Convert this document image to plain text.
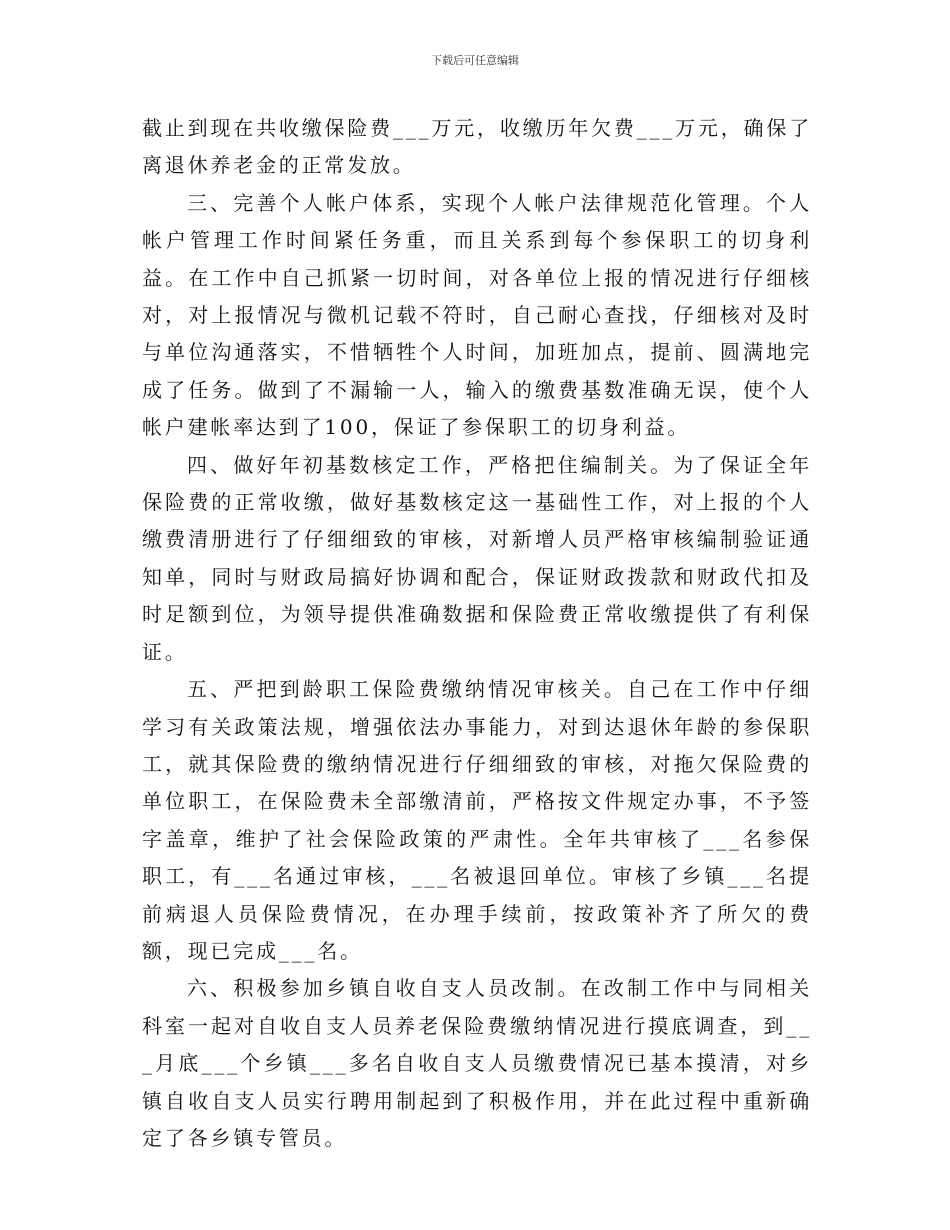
下载后可任意编辑

截止到现在共收缴保险费___万元，收缴历年欠费___万元，确保了离退休养老金的正常发放。

三、完善个人帐户体系，实现个人帐户法律规范化管理。个人帐户管理工作时间紧任务重，而且关系到每个参保职工的切身利益。在工作中自己抓紧一切时间，对各单位上报的情况进行仔细核对，对上报情况与微机记载不符时，自己耐心查找，仔细核对及时与单位沟通落实，不惜牺牲个人时间，加班加点，提前、圆满地完成了任务。做到了不漏输一人，输入的缴费基数准确无误，使个人帐户建帐率达到了100，保证了参保职工的切身利益。

四、做好年初基数核定工作，严格把住编制关。为了保证全年保险费的正常收缴，做好基数核定这一基础性工作，对上报的个人缴费清册进行了仔细细致的审核，对新增人员严格审核编制验证通知单，同时与财政局搞好协调和配合，保证财政拨款和财政代扣及时足额到位，为领导提供准确数据和保险费正常收缴提供了有利保证。

五、严把到龄职工保险费缴纳情况审核关。自己在工作中仔细学习有关政策法规，增强依法办事能力，对到达退休年龄的参保职工，就其保险费的缴纳情况进行仔细细致的审核，对拖欠保险费的单位职工，在保险费未全部缴清前，严格按文件规定办事，不予签字盖章，维护了社会保险政策的严肃性。全年共审核了___名参保职工，有___名通过审核，___名被退回单位。审核了乡镇___名提前病退人员保险费情况，在办理手续前，按政策补齐了所欠的费额，现已完成___名。

六、积极参加乡镇自收自支人员改制。在改制工作中与同相关科室一起对自收自支人员养老保险费缴纳情况进行摸底调查，到___月底___个乡镇___多名自收自支人员缴费情况已基本摸清，对乡镇自收自支人员实行聘用制起到了积极作用，并在此过程中重新确定了各乡镇专管员。
